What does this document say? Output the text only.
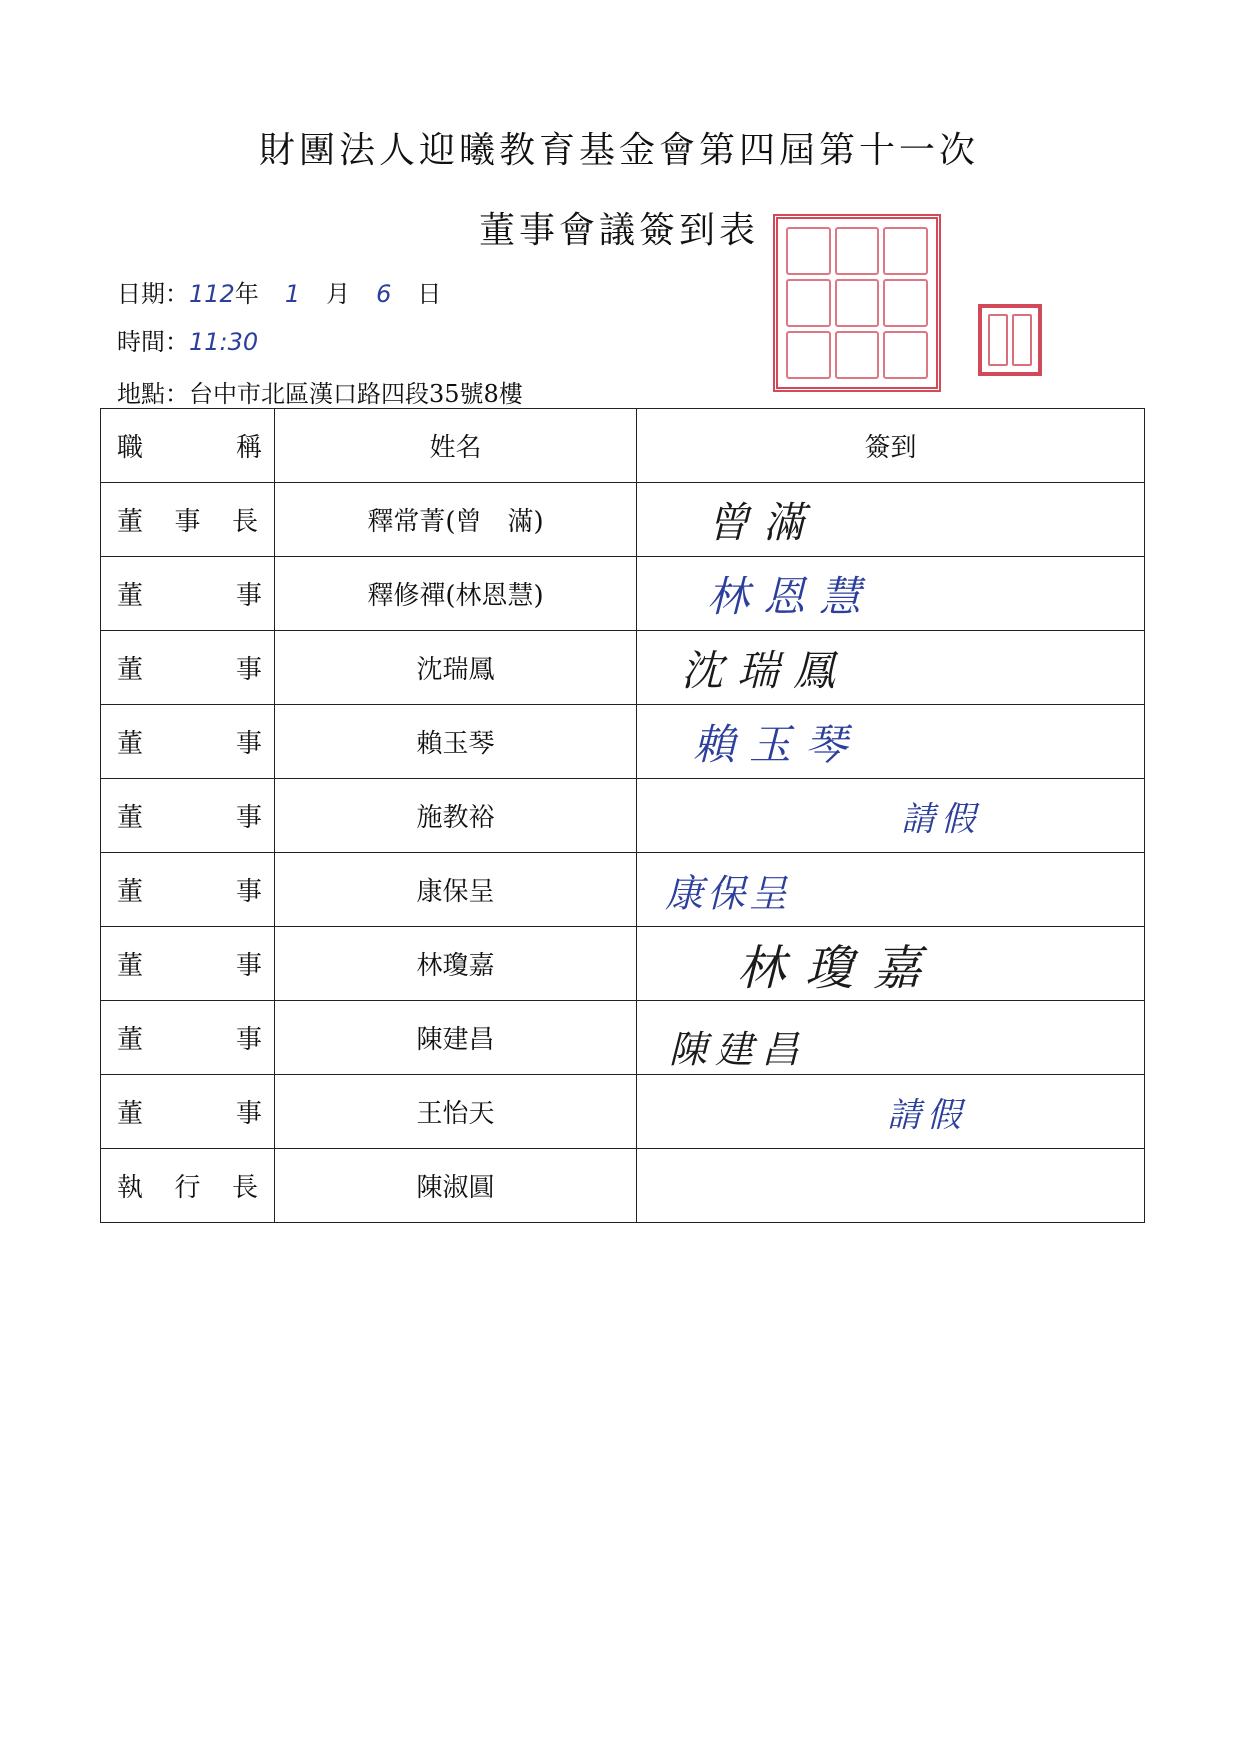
財團法人迎曦教育基金會第四屆第十一次
董事會議簽到表
日期：112年 1 月 6 日
時間：11:30
地點：台中市北區漢口路四段35號8樓
職 稱	姓名	簽到

董 事 長	釋常菁(曾　滿)	曾滿

董 事	釋修禪(林恩慧)	林恩慧

董 事	沈瑞鳳	沈瑞鳳

董 事	賴玉琴	賴玉琴

董 事	施教裕	請假

董 事	康保呈	康保呈

董 事	林瓊嘉	林瓊嘉

董 事	陳建昌	陳建昌

董 事	王怡天	請假

執 行 長	陳淑圓	
